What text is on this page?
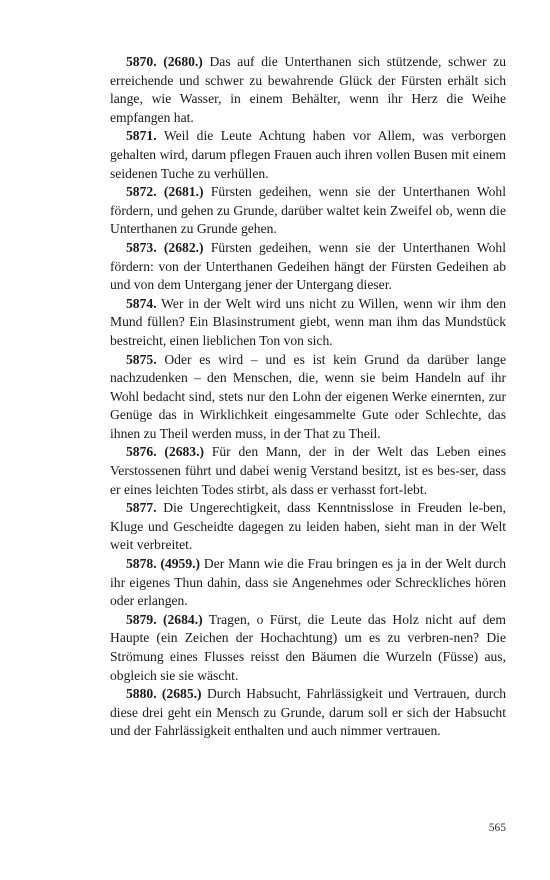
5870. (2680.) Das auf die Unterthanen sich stützende, schwer zu erreichende und schwer zu bewahrende Glück der Fürsten erhält sich lange, wie Wasser, in einem Behälter, wenn ihr Herz die Weihe empfangen hat.

5871. Weil die Leute Achtung haben vor Allem, was verborgen gehalten wird, darum pflegen Frauen auch ihren vollen Busen mit einem seidenen Tuche zu verhüllen.

5872. (2681.) Fürsten gedeihen, wenn sie der Unterthanen Wohl fördern, und gehen zu Grunde, darüber waltet kein Zweifel ob, wenn die Unterthanen zu Grunde gehen.

5873. (2682.) Fürsten gedeihen, wenn sie der Unterthanen Wohl fördern: von der Unterthanen Gedeihen hängt der Fürsten Gedeihen ab und von dem Untergang jener der Untergang dieser.

5874. Wer in der Welt wird uns nicht zu Willen, wenn wir ihm den Mund füllen? Ein Blasinstrument giebt, wenn man ihm das Mundstück bestreicht, einen lieblichen Ton von sich.

5875. Oder es wird – und es ist kein Grund da darüber lange nachzudenken – den Menschen, die, wenn sie beim Handeln auf ihr Wohl bedacht sind, stets nur den Lohn der eigenen Werke einernten, zur Genüge das in Wirklichkeit eingesammelte Gute oder Schlechte, das ihnen zu Theil werden muss, in der That zu Theil.

5876. (2683.) Für den Mann, der in der Welt das Leben eines Verstossenen führt und dabei wenig Verstand besitzt, ist es bes-ser, dass er eines leichten Todes stirbt, als dass er verhasst fort-lebt.

5877. Die Ungerechtigkeit, dass Kenntnisslose in Freuden le-ben, Kluge und Gescheidte dagegen zu leiden haben, sieht man in der Welt weit verbreitet.

5878. (4959.) Der Mann wie die Frau bringen es ja in der Welt durch ihr eigenes Thun dahin, dass sie Angenehmes oder Schreckliches hören oder erlangen.

5879. (2684.) Tragen, o Fürst, die Leute das Holz nicht auf dem Haupte (ein Zeichen der Hochachtung) um es zu verbren-nen? Die Strömung eines Flusses reisst den Bäumen die Wurzeln (Füsse) aus, obgleich sie sie wäscht.

5880. (2685.) Durch Habsucht, Fahrlässigkeit und Vertrauen, durch diese drei geht ein Mensch zu Grunde, darum soll er sich der Habsucht und der Fahrlässigkeit enthalten und auch nimmer vertrauen.

565
